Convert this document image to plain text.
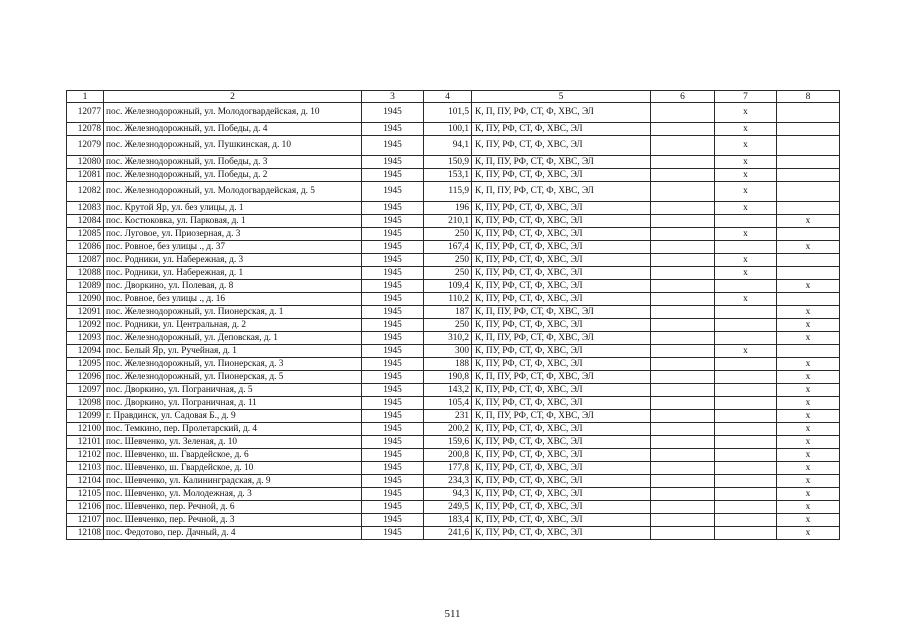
1	2	3	4	5	6	7	8
12077	пос. Железнодорожный, ул. Молодогвардейская, д. 10	1945	101,5	К, П, ПУ, РФ, СТ, Ф, ХВС, ЭЛ		х	
12078	пос. Железнодорожный, ул. Победы, д. 4	1945	100,1	К, ПУ, РФ, СТ, Ф, ХВС, ЭЛ		х	
12079	пос. Железнодорожный, ул. Пушкинская, д. 10	1945	94,1	К, ПУ, РФ, СТ, Ф, ХВС, ЭЛ		х	
12080	пос. Железнодорожный, ул. Победы, д. 3	1945	150,9	К, П, ПУ, РФ, СТ, Ф, ХВС, ЭЛ		х	
12081	пос. Железнодорожный, ул. Победы, д. 2	1945	153,1	К, ПУ, РФ, СТ, Ф, ХВС, ЭЛ		х	
12082	пос. Железнодорожный, ул. Молодогвардейская, д. 5	1945	115,9	К, П, ПУ, РФ, СТ, Ф, ХВС, ЭЛ		х	
12083	пос. Крутой Яр, ул. без улицы, д. 1	1945	196	К, ПУ, РФ, СТ, Ф, ХВС, ЭЛ		х	
12084	пос. Костюковка, ул. Парковая, д. 1	1945	210,1	К, ПУ, РФ, СТ, Ф, ХВС, ЭЛ			х
12085	пос. Луговое, ул. Приозерная, д. 3	1945	250	К, ПУ, РФ, СТ, Ф, ХВС, ЭЛ		х	
12086	пос. Ровное, без улицы ., д. 37	1945	167,4	К, ПУ, РФ, СТ, Ф, ХВС, ЭЛ			х
12087	пос. Родники, ул. Набережная, д. 3	1945	250	К, ПУ, РФ, СТ, Ф, ХВС, ЭЛ		х	
12088	пос. Родники, ул. Набережная, д. 1	1945	250	К, ПУ, РФ, СТ, Ф, ХВС, ЭЛ		х	
12089	пос. Дворкино, ул. Полевая, д. 8	1945	109,4	К, ПУ, РФ, СТ, Ф, ХВС, ЭЛ			х
12090	пос. Ровное, без улицы ., д. 16	1945	110,2	К, ПУ, РФ, СТ, Ф, ХВС, ЭЛ		х	
12091	пос. Железнодорожный, ул. Пионерская, д. 1	1945	187	К, П, ПУ, РФ, СТ, Ф, ХВС, ЭЛ			х
12092	пос. Родники, ул. Центральная, д. 2	1945	250	К, ПУ, РФ, СТ, Ф, ХВС, ЭЛ			х
12093	пос. Железнодорожный, ул. Деповская, д. 1	1945	310,2	К, П, ПУ, РФ, СТ, Ф, ХВС, ЭЛ			х
12094	пос. Белый Яр, ул. Ручейная, д. 1	1945	300	К, ПУ, РФ, СТ, Ф, ХВС, ЭЛ		х	
12095	пос. Железнодорожный, ул. Пионерская, д. 3	1945	188	К, ПУ, РФ, СТ, Ф, ХВС, ЭЛ			х
12096	пос. Железнодорожный, ул. Пионерская, д. 5	1945	190,8	К, П, ПУ, РФ, СТ, Ф, ХВС, ЭЛ			х
12097	пос. Дворкино, ул. Пограничная, д. 5	1945	143,2	К, ПУ, РФ, СТ, Ф, ХВС, ЭЛ			х
12098	пос. Дворкино, ул. Пограничная, д. 11	1945	105,4	К, ПУ, РФ, СТ, Ф, ХВС, ЭЛ			х
12099	г. Правдинск, ул. Садовая Б., д. 9	1945	231	К, П, ПУ, РФ, СТ, Ф, ХВС, ЭЛ			х
12100	пос. Темкино, пер. Пролетарский, д. 4	1945	200,2	К, ПУ, РФ, СТ, Ф, ХВС, ЭЛ			х
12101	пос. Шевченко, ул. Зеленая, д. 10	1945	159,6	К, ПУ, РФ, СТ, Ф, ХВС, ЭЛ			х
12102	пос. Шевченко, ш. Гвардейское, д. 6	1945	200,8	К, ПУ, РФ, СТ, Ф, ХВС, ЭЛ			х
12103	пос. Шевченко, ш. Гвардейское, д. 10	1945	177,8	К, ПУ, РФ, СТ, Ф, ХВС, ЭЛ			х
12104	пос. Шевченко, ул. Калининградская, д. 9	1945	234,3	К, ПУ, РФ, СТ, Ф, ХВС, ЭЛ			х
12105	пос. Шевченко, ул. Молодежная, д. 3	1945	94,3	К, ПУ, РФ, СТ, Ф, ХВС, ЭЛ			х
12106	пос. Шевченко, пер. Речной, д. 6	1945	249,5	К, ПУ, РФ, СТ, Ф, ХВС, ЭЛ			х
12107	пос. Шевченко, пер. Речной, д. 3	1945	183,4	К, ПУ, РФ, СТ, Ф, ХВС, ЭЛ			х
12108	пос. Федотово, пер. Дачный, д. 4	1945	241,6	К, ПУ, РФ, СТ, Ф, ХВС, ЭЛ			х
511
